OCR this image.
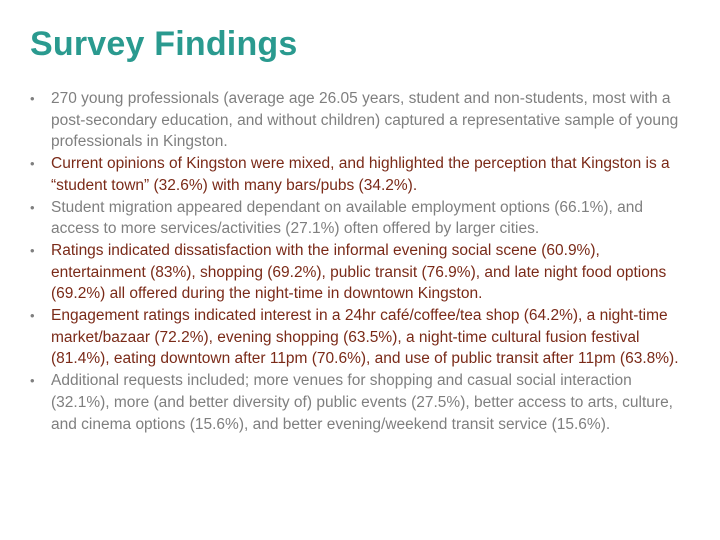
Survey Findings
•	270 young professionals (average age 26.05 years, student and non-students, most with a post-secondary education, and without children) captured a representative sample of young professionals in Kingston.
•	Current opinions of Kingston were mixed, and highlighted the perception that Kingston is a “student town” (32.6%) with many bars/pubs (34.2%).
•	Student migration appeared dependant on available employment options (66.1%), and access to more services/activities (27.1%) often offered by larger cities.
•	Ratings indicated dissatisfaction with the informal evening social scene (60.9%), entertainment (83%), shopping (69.2%), public transit (76.9%), and late night food options (69.2%) all offered during the night-time in downtown Kingston.
•	Engagement ratings indicated interest in a 24hr café/coffee/tea shop (64.2%), a night-time market/bazaar (72.2%), evening shopping (63.5%), a night-time cultural fusion festival (81.4%), eating downtown after 11pm (70.6%), and use of public transit after 11pm (63.8%).
•	Additional requests included; more venues for shopping and casual social interaction (32.1%), more (and better diversity of) public events (27.5%), better access to arts, culture, and cinema options (15.6%), and better evening/weekend transit service (15.6%).
